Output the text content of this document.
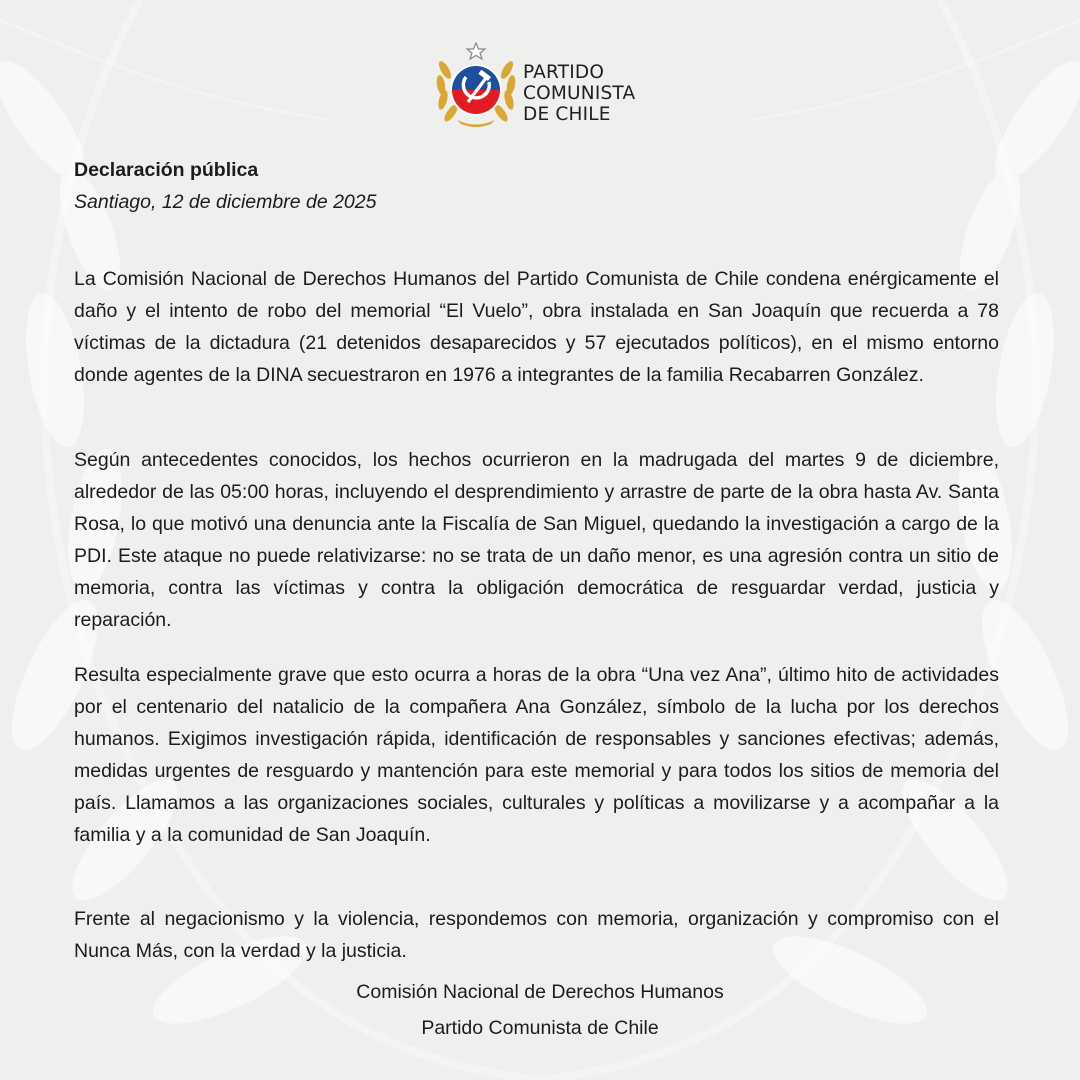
PARTIDO
COMUNISTA
DE CHILE
Declaración pública
Santiago, 12 de diciembre de 2025

La Comisión Nacional de Derechos Humanos del Partido Comunista de Chile condena enérgicamente el daño y el intento de robo del memorial “El Vuelo”, obra instalada en San Joaquín que recuerda a 78 víctimas de la dictadura (21 detenidos desaparecidos y 57 ejecutados políticos), en el mismo entorno donde agentes de la DINA secuestraron en 1976 a integrantes de la familia Recabarren González.

Según antecedentes conocidos, los hechos ocurrieron en la madrugada del martes 9 de diciembre, alrededor de las 05:00 horas, incluyendo el desprendimiento y arrastre de parte de la obra hasta Av. Santa Rosa, lo que motivó una denuncia ante la Fiscalía de San Miguel, quedando la investigación a cargo de la PDI. Este ataque no puede relativizarse: no se trata de un daño menor, es una agresión contra un sitio de memoria, contra las víctimas y contra la obligación democrática de resguardar verdad, justicia y reparación.

Resulta especialmente grave que esto ocurra a horas de la obra “Una vez Ana”, último hito de actividades por el centenario del natalicio de la compañera Ana González, símbolo de la lucha por los derechos humanos. Exigimos investigación rápida, identificación de responsables y sanciones efectivas; además, medidas urgentes de resguardo y mantención para este memorial y para todos los sitios de memoria del país. Llamamos a las organizaciones sociales, culturales y políticas a movilizarse y a acompañar a la familia y a la comunidad de San Joaquín.

Frente al negacionismo y la violencia, respondemos con memoria, organización y compromiso con el Nunca Más, con la verdad y la justicia.

Comisión Nacional de Derechos Humanos
Partido Comunista de Chile
